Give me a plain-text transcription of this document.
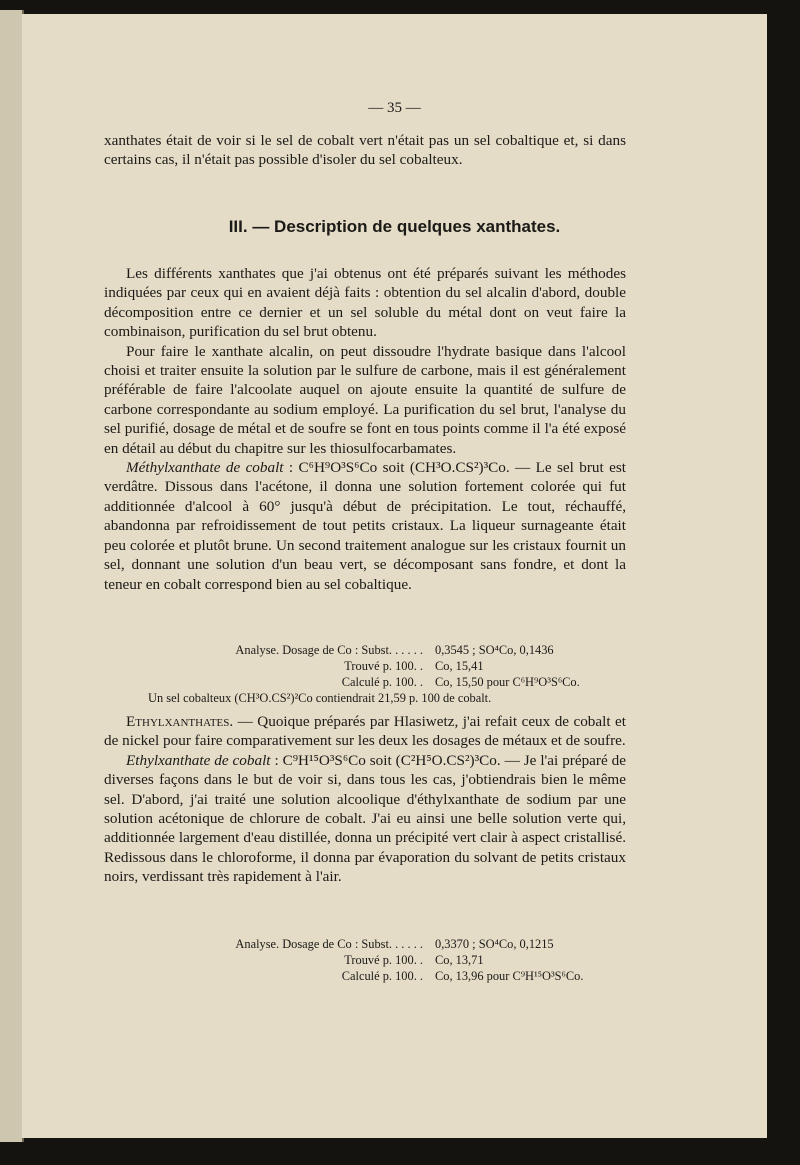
— 35 —

xanthates était de voir si le sel de cobalt vert n'était pas un sel cobaltique et, si dans certains cas, il n'était pas possible d'isoler du sel cobalteux.

III. — Description de quelques xanthates.

Les différents xanthates que j'ai obtenus ont été préparés suivant les méthodes indiquées par ceux qui en avaient déjà faits : obtention du sel alcalin d'abord, double décomposition entre ce dernier et un sel soluble du métal dont on veut faire la combinaison, purification du sel brut obtenu.

Pour faire le xanthate alcalin, on peut dissoudre l'hydrate basique dans l'alcool choisi et traiter ensuite la solution par le sulfure de carbone, mais il est généralement préférable de faire l'alcoolate auquel on ajoute ensuite la quantité de sulfure de carbone correspondante au sodium employé. La purification du sel brut, l'analyse du sel purifié, dosage de métal et de soufre se font en tous points comme il l'a été exposé en détail au début du chapitre sur les thiosulfocarbamates.

Méthylxanthate de cobalt : C⁶H⁹O³S⁶Co soit (CH³O.CS²)³Co. — Le sel brut est verdâtre. Dissous dans l'acétone, il donna une solution fortement colorée qui fut additionnée d'alcool à 60° jusqu'à début de précipitation. Le tout, réchauffé, abandonna par refroidissement de tout petits cristaux. La liqueur surnageante était peu colorée et plutôt brune. Un second traitement analogue sur les cristaux fournit un sel, donnant une solution d'un beau vert, se décomposant sans fondre, et dont la teneur en cobalt correspond bien au sel cobaltique.

Analyse. Dosage de Co : Subst. . . . . . 0,3545 ; SO⁴Co, 0,1436
Trouvé p. 100. . Co, 15,41
Calculé p. 100. . Co, 15,50 pour C⁶H⁹O³S⁶Co.
Un sel cobalteux (CH³O.CS²)²Co contiendrait 21,59 p. 100 de cobalt.

Ethylxanthates. — Quoique préparés par Hlasiwetz, j'ai refait ceux de cobalt et de nickel pour faire comparativement sur les deux les dosages de métaux et de soufre.

Ethylxanthate de cobalt : C⁹H¹⁵O³S⁶Co soit (C²H⁵O.CS²)³Co. — Je l'ai préparé de diverses façons dans le but de voir si, dans tous les cas, j'obtiendrais bien le même sel. D'abord, j'ai traité une solution alcoolique d'éthylxanthate de sodium par une solution acétonique de chlorure de cobalt. J'ai eu ainsi une belle solution verte qui, additionnée largement d'eau distillée, donna un précipité vert clair à aspect cristallisé. Redissous dans le chloroforme, il donna par évaporation du solvant de petits cristaux noirs, verdissant très rapidement à l'air.

Analyse. Dosage de Co : Subst. . . . . . 0,3370 ; SO⁴Co, 0,1215
Trouvé p. 100. . Co, 13,71
Calculé p. 100. . Co, 13,96 pour C⁹H¹⁵O³S⁶Co.
